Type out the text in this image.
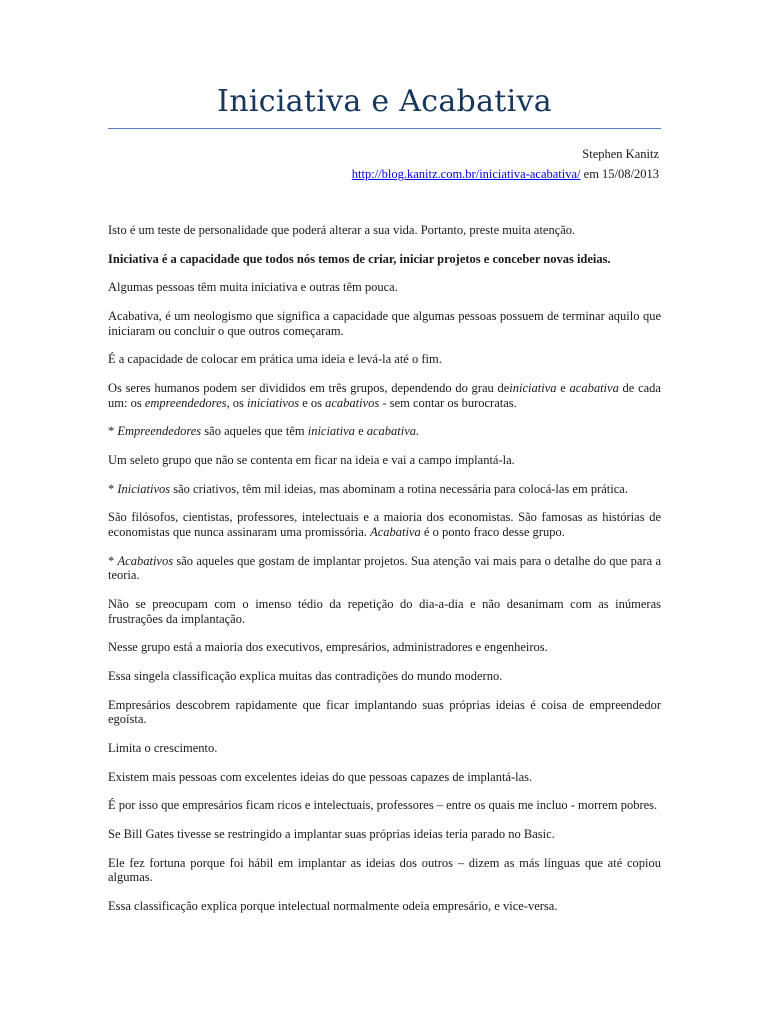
Iniciativa e Acabativa
Stephen Kanitz
http://blog.kanitz.com.br/iniciativa-acabativa/ em 15/08/2013

Isto é um teste de personalidade que poderá alterar a sua vida. Portanto, preste muita atenção.

Iniciativa é a capacidade que todos nós temos de criar, iniciar projetos e conceber novas ideias.

Algumas pessoas têm muita iniciativa e outras têm pouca.

Acabativa, é um neologismo que significa a capacidade que algumas pessoas possuem de terminar aquilo que iniciaram ou concluir o que outros começaram.

É a capacidade de colocar em prática uma ideia e levá-la até o fim.

Os seres humanos podem ser divididos em três grupos, dependendo do grau deiniciativa e acabativa de cada um: os empreendedores, os iniciativos e os acabativos - sem contar os burocratas.

* Empreendedores são aqueles que têm iniciativa e acabativa.

Um seleto grupo que não se contenta em ficar na ideia e vai a campo implantá-la.

* Iniciativos são criativos, têm mil ideias, mas abominam a rotina necessária para colocá-las em prática.

São filósofos, cientistas, professores, intelectuais e a maioria dos economistas. São famosas as histórias de economistas que nunca assinaram uma promissória. Acabativa é o ponto fraco desse grupo.

* Acabativos são aqueles que gostam de implantar projetos. Sua atenção vai mais para o detalhe do que para a teoria.

Não se preocupam com o imenso tédio da repetição do dia-a-dia e não desanimam com as inúmeras frustrações da implantação.

Nesse grupo está a maioria dos executivos, empresários, administradores e engenheiros.

Essa singela classificação explica muitas das contradições do mundo moderno.

Empresários descobrem rapidamente que ficar implantando suas próprias ideias é coisa de empreendedor egoísta.

Limita o crescimento.

Existem mais pessoas com excelentes ideias do que pessoas capazes de implantá-las.

É por isso que empresários ficam ricos e intelectuais, professores – entre os quais me incluo - morrem pobres.

Se Bill Gates tivesse se restringido a implantar suas próprias ideias teria parado no Basic.

Ele fez fortuna porque foi hábil em implantar as ideias dos outros – dizem as más línguas que até copiou algumas.

Essa classificação explica porque intelectual normalmente odeia empresário, e vice-versa.
